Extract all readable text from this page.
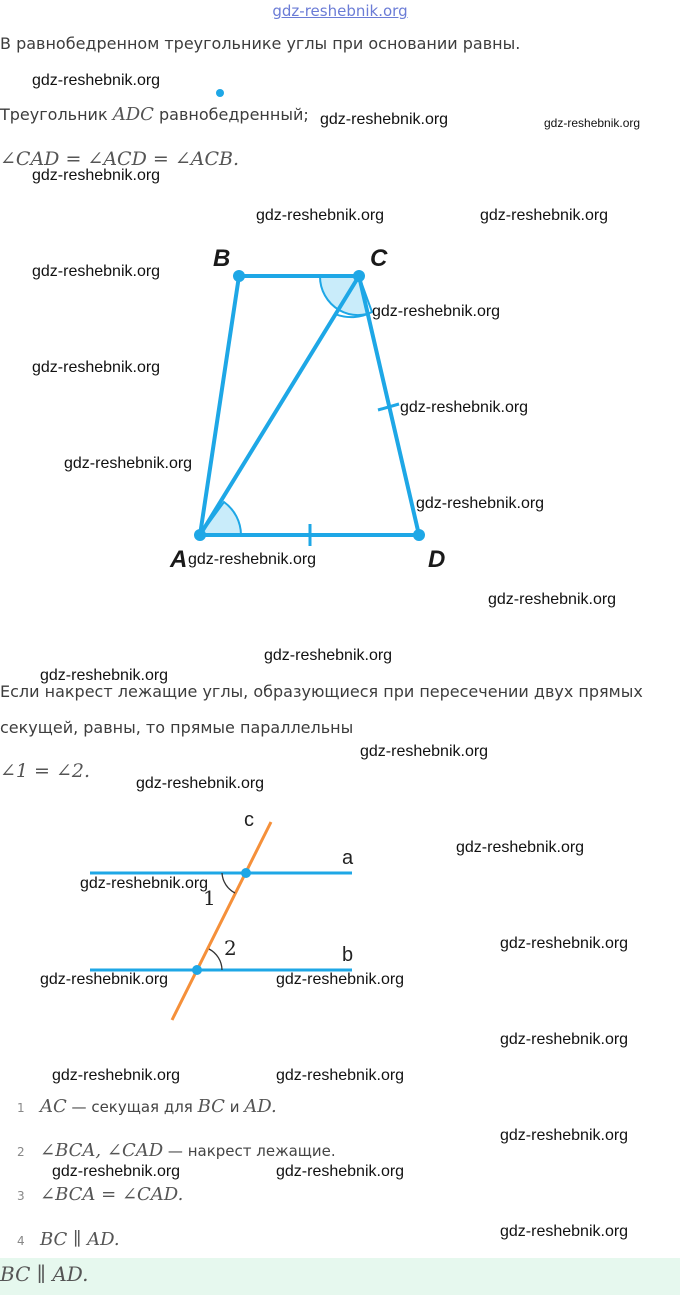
gdz-reshebnik.org
В равнобедренном треугольнике углы при основании равны.
Треугольник ADC равнобедренный;
∠CAD = ∠ACD = ∠ACB.
B	C
A	D
Если накрест лежащие углы, образующиеся при пересечении двух прямых
секущей, равны, то прямые параллельны
∠1 = ∠2.
c
a
b
1
2
1 AC — секущая для BC и AD.
2 ∠BCA, ∠CAD — накрест лежащие.
3 ∠BCA = ∠CAD.
4 BC ∥ AD.
BC ∥ AD.
gdz-reshebnik.org
gdz-reshebnik.org	gdz-reshebnik.org
gdz-reshebnik.org
gdz-reshebnik.org	gdz-reshebnik.org
gdz-reshebnik.org
gdz-reshebnik.org
gdz-reshebnik.org
gdz-reshebnik.org
gdz-reshebnik.org
gdz-reshebnik.org
gdz-reshebnik.org
gdz-reshebnik.org
gdz-reshebnik.org
gdz-reshebnik.org
gdz-reshebnik.org
gdz-reshebnik.org
gdz-reshebnik.org
gdz-reshebnik.org
gdz-reshebnik.org
gdz-reshebnik.org	gdz-reshebnik.org
gdz-reshebnik.org
gdz-reshebnik.org	gdz-reshebnik.org
gdz-reshebnik.org
gdz-reshebnik.org	gdz-reshebnik.org
gdz-reshebnik.org
